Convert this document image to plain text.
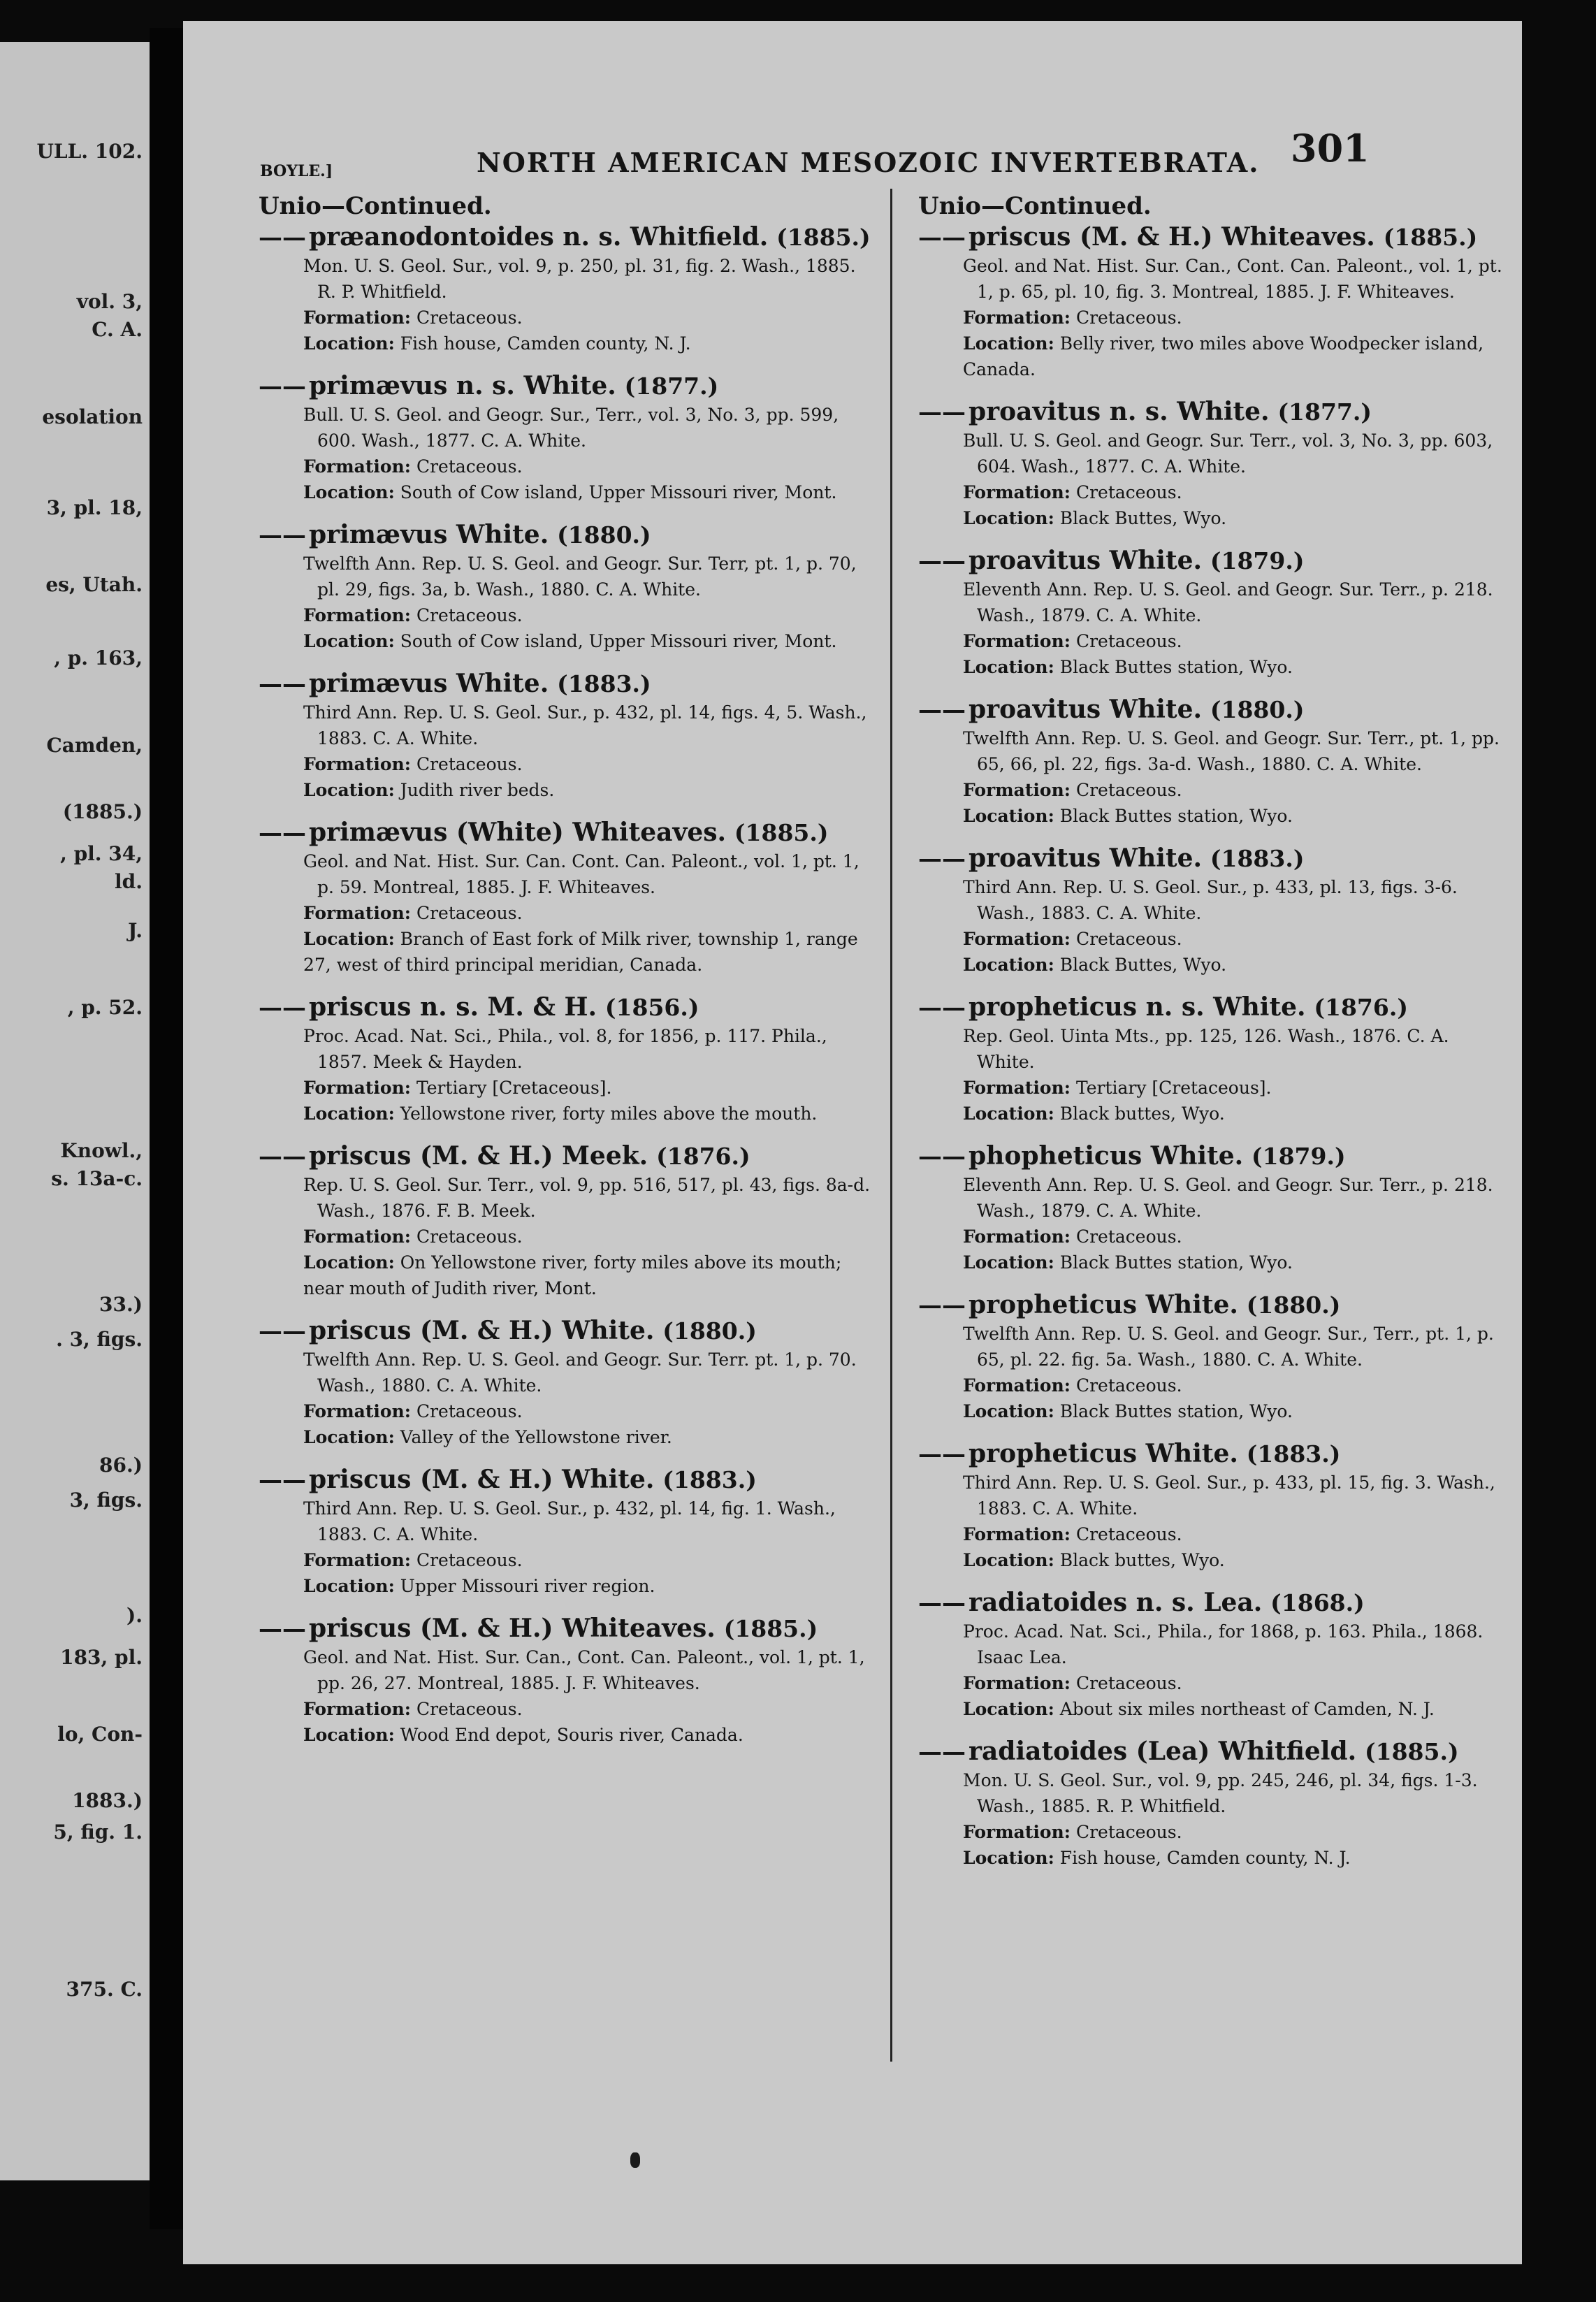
ULL. 102.
vol. 3,
C. A.
esolation
3, pl. 18,
es, Utah.
, p. 163,
Camden,
(1885.)
, pl. 34,
ld.
J.
, p. 52.
Knowl.,
s. 13a-c.
33.)
. 3, figs.
86.)
3, figs.
).
183, pl.
lo, Con-
1883.)
5, fig. 1.
375. C.
BOYLE.]	NORTH AMERICAN MESOZOIC INVERTEBRATA. 301
Unio—Continued.
—— præanodontoides n. s. Whitfield. (1885.)
Mon. U. S. Geol. Sur., vol. 9, p. 250, pl. 31, fig. 2. Wash., 1885. R. P. Whitfield.
Formation: Cretaceous.
Location: Fish house, Camden county, N. J.
—— primævus n. s. White. (1877.)
Bull. U. S. Geol. and Geogr. Sur., Terr., vol. 3, No. 3, pp. 599, 600. Wash., 1877. C. A. White.
Formation: Cretaceous.
Location: South of Cow island, Upper Missouri river, Mont.
—— primævus White. (1880.)
Twelfth Ann. Rep. U. S. Geol. and Geogr. Sur. Terr, pt. 1, p. 70, pl. 29, figs. 3a, b. Wash., 1880. C. A. White.
Formation: Cretaceous.
Location: South of Cow island, Upper Missouri river, Mont.
—— primævus White. (1883.)
Third Ann. Rep. U. S. Geol. Sur., p. 432, pl. 14, figs. 4, 5. Wash., 1883. C. A. White.
Formation: Cretaceous.
Location: Judith river beds.
—— primævus (White) Whiteaves. (1885.)
Geol. and Nat. Hist. Sur. Can. Cont. Can. Paleont., vol. 1, pt. 1, p. 59. Montreal, 1885. J. F. Whiteaves.
Formation: Cretaceous.
Location: Branch of East fork of Milk river, township 1, range 27, west of third principal meridian, Canada.
—— priscus n. s. M. & H. (1856.)
Proc. Acad. Nat. Sci., Phila., vol. 8, for 1856, p. 117. Phila., 1857. Meek & Hayden.
Formation: Tertiary [Cretaceous].
Location: Yellowstone river, forty miles above the mouth.
—— priscus (M. & H.) Meek. (1876.)
Rep. U. S. Geol. Sur. Terr., vol. 9, pp. 516, 517, pl. 43, figs. 8a-d. Wash., 1876. F. B. Meek.
Formation: Cretaceous.
Location: On Yellowstone river, forty miles above its mouth; near mouth of Judith river, Mont.
—— priscus (M. & H.) White. (1880.)
Twelfth Ann. Rep. U. S. Geol. and Geogr. Sur. Terr. pt. 1, p. 70. Wash., 1880. C. A. White.
Formation: Cretaceous.
Location: Valley of the Yellowstone river.
—— priscus (M. & H.) White. (1883.)
Third Ann. Rep. U. S. Geol. Sur., p. 432, pl. 14, fig. 1. Wash., 1883. C. A. White.
Formation: Cretaceous.
Location: Upper Missouri river region.
—— priscus (M. & H.) Whiteaves. (1885.)
Geol. and Nat. Hist. Sur. Can., Cont. Can. Paleont., vol. 1, pt. 1, pp. 26, 27. Montreal, 1885. J. F. Whiteaves.
Formation: Cretaceous.
Location: Wood End depot, Souris river, Canada.
Unio—Continued.
—— priscus (M. & H.) Whiteaves. (1885.)
Geol. and Nat. Hist. Sur. Can., Cont. Can. Paleont., vol. 1, pt. 1, p. 65, pl. 10, fig. 3. Montreal, 1885. J. F. Whiteaves.
Formation: Cretaceous.
Location: Belly river, two miles above Woodpecker island, Canada.
—— proavitus n. s. White. (1877.)
Bull. U. S. Geol. and Geogr. Sur. Terr., vol. 3, No. 3, pp. 603, 604. Wash., 1877. C. A. White.
Formation: Cretaceous.
Location: Black Buttes, Wyo.
—— proavitus White. (1879.)
Eleventh Ann. Rep. U. S. Geol. and Geogr. Sur. Terr., p. 218. Wash., 1879. C. A. White.
Formation: Cretaceous.
Location: Black Buttes station, Wyo.
—— proavitus White. (1880.)
Twelfth Ann. Rep. U. S. Geol. and Geogr. Sur. Terr., pt. 1, pp. 65, 66, pl. 22, figs. 3a-d. Wash., 1880. C. A. White.
Formation: Cretaceous.
Location: Black Buttes station, Wyo.
—— proavitus White. (1883.)
Third Ann. Rep. U. S. Geol. Sur., p. 433, pl. 13, figs. 3-6. Wash., 1883. C. A. White.
Formation: Cretaceous.
Location: Black Buttes, Wyo.
—— propheticus n. s. White. (1876.)
Rep. Geol. Uinta Mts., pp. 125, 126. Wash., 1876. C. A. White.
Formation: Tertiary [Cretaceous].
Location: Black buttes, Wyo.
—— phopheticus White. (1879.)
Eleventh Ann. Rep. U. S. Geol. and Geogr. Sur. Terr., p. 218. Wash., 1879. C. A. White.
Formation: Cretaceous.
Location: Black Buttes station, Wyo.
—— propheticus White. (1880.)
Twelfth Ann. Rep. U. S. Geol. and Geogr. Sur., Terr., pt. 1, p. 65, pl. 22. fig. 5a. Wash., 1880. C. A. White.
Formation: Cretaceous.
Location: Black Buttes station, Wyo.
—— propheticus White. (1883.)
Third Ann. Rep. U. S. Geol. Sur., p. 433, pl. 15, fig. 3. Wash., 1883. C. A. White.
Formation: Cretaceous.
Location: Black buttes, Wyo.
—— radiatoides n. s. Lea. (1868.)
Proc. Acad. Nat. Sci., Phila., for 1868, p. 163. Phila., 1868. Isaac Lea.
Formation: Cretaceous.
Location: About six miles northeast of Camden, N. J.
—— radiatoides (Lea) Whitfield. (1885.)
Mon. U. S. Geol. Sur., vol. 9, pp. 245, 246, pl. 34, figs. 1-3. Wash., 1885. R. P. Whitfield.
Formation: Cretaceous.
Location: Fish house, Camden county, N. J.
